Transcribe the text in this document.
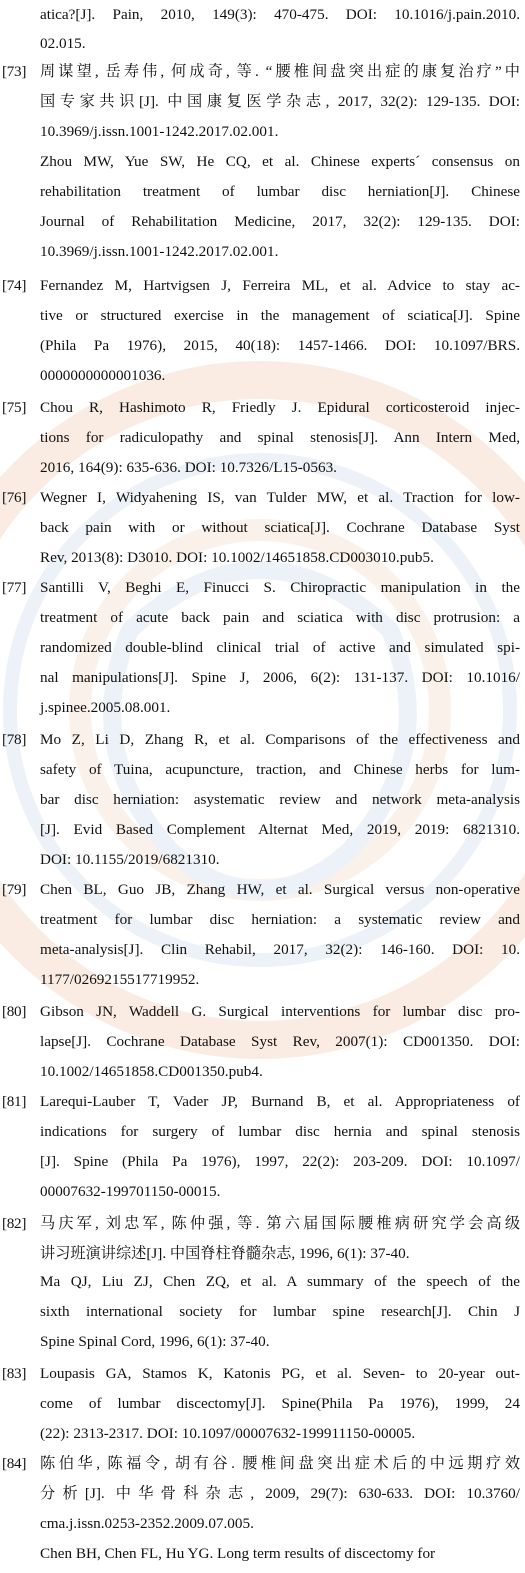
atica?[J]. Pain, 2010, 149(3): 470-475. DOI: 10.1016/j.pain.2010.
02.015.
[73] 周谋望, 岳寿伟, 何成奇, 等. “腰椎间盘突出症的康复治疗”中
国专家共识[J]. 中国康复医学杂志, 2017, 32(2): 129-135. DOI:
10.3969/j.issn.1001-1242.2017.02.001.
Zhou MW, Yue SW, He CQ, et al. Chinese experts´ consensus on
rehabilitation treatment of lumbar disc herniation[J]. Chinese
Journal of Rehabilitation Medicine, 2017, 32(2): 129-135. DOI:
10.3969/j.issn.1001-1242.2017.02.001.
[74] Fernandez M, Hartvigsen J, Ferreira ML, et al. Advice to stay ac-
tive or structured exercise in the management of sciatica[J]. Spine
(Phila Pa 1976), 2015, 40(18): 1457-1466. DOI: 10.1097/BRS.
0000000000001036.
[75] Chou R, Hashimoto R, Friedly J. Epidural corticosteroid injec-
tions for radiculopathy and spinal stenosis[J]. Ann Intern Med,
2016, 164(9): 635-636. DOI: 10.7326/L15-0563.
[76] Wegner I, Widyahening IS, van Tulder MW, et al. Traction for low-
back pain with or without sciatica[J]. Cochrane Database Syst
Rev, 2013(8): D3010. DOI: 10.1002/14651858.CD003010.pub5.
[77] Santilli V, Beghi E, Finucci S. Chiropractic manipulation in the
treatment of acute back pain and sciatica with disc protrusion: a
randomized double-blind clinical trial of active and simulated spi-
nal manipulations[J]. Spine J, 2006, 6(2): 131-137. DOI: 10.1016/
j.spinee.2005.08.001.
[78] Mo Z, Li D, Zhang R, et al. Comparisons of the effectiveness and
safety of Tuina, acupuncture, traction, and Chinese herbs for lum-
bar disc herniation: asystematic review and network meta-analysis
[J]. Evid Based Complement Alternat Med, 2019, 2019: 6821310.
DOI: 10.1155/2019/6821310.
[79] Chen BL, Guo JB, Zhang HW, et al. Surgical versus non-operative
treatment for lumbar disc herniation: a systematic review and
meta-analysis[J]. Clin Rehabil, 2017, 32(2): 146-160. DOI: 10.
1177/0269215517719952.
[80] Gibson JN, Waddell G. Surgical interventions for lumbar disc pro-
lapse[J]. Cochrane Database Syst Rev, 2007(1): CD001350. DOI:
10.1002/14651858.CD001350.pub4.
[81] Larequi-Lauber T, Vader JP, Burnand B, et al. Appropriateness of
indications for surgery of lumbar disc hernia and spinal stenosis
[J]. Spine (Phila Pa 1976), 1997, 22(2): 203-209. DOI: 10.1097/
00007632-199701150-00015.
[82] 马庆军, 刘忠军, 陈仲强, 等. 第六届国际腰椎病研究学会高级
讲习班演讲综述[J]. 中国脊柱脊髓杂志, 1996, 6(1): 37-40.
Ma QJ, Liu ZJ, Chen ZQ, et al. A summary of the speech of the
sixth international society for lumbar spine research[J]. Chin J
Spine Spinal Cord, 1996, 6(1): 37-40.
[83] Loupasis GA, Stamos K, Katonis PG, et al. Seven- to 20-year out-
come of lumbar discectomy[J]. Spine(Phila Pa 1976), 1999, 24
(22): 2313-2317. DOI: 10.1097/00007632-199911150-00005.
[84] 陈伯华, 陈福令, 胡有谷. 腰椎间盘突出症术后的中远期疗效
分析[J]. 中华骨科杂志, 2009, 29(7): 630-633. DOI: 10.3760/
cma.j.issn.0253-2352.2009.07.005.
Chen BH, Chen FL, Hu YG. Long term results of discectomy for
